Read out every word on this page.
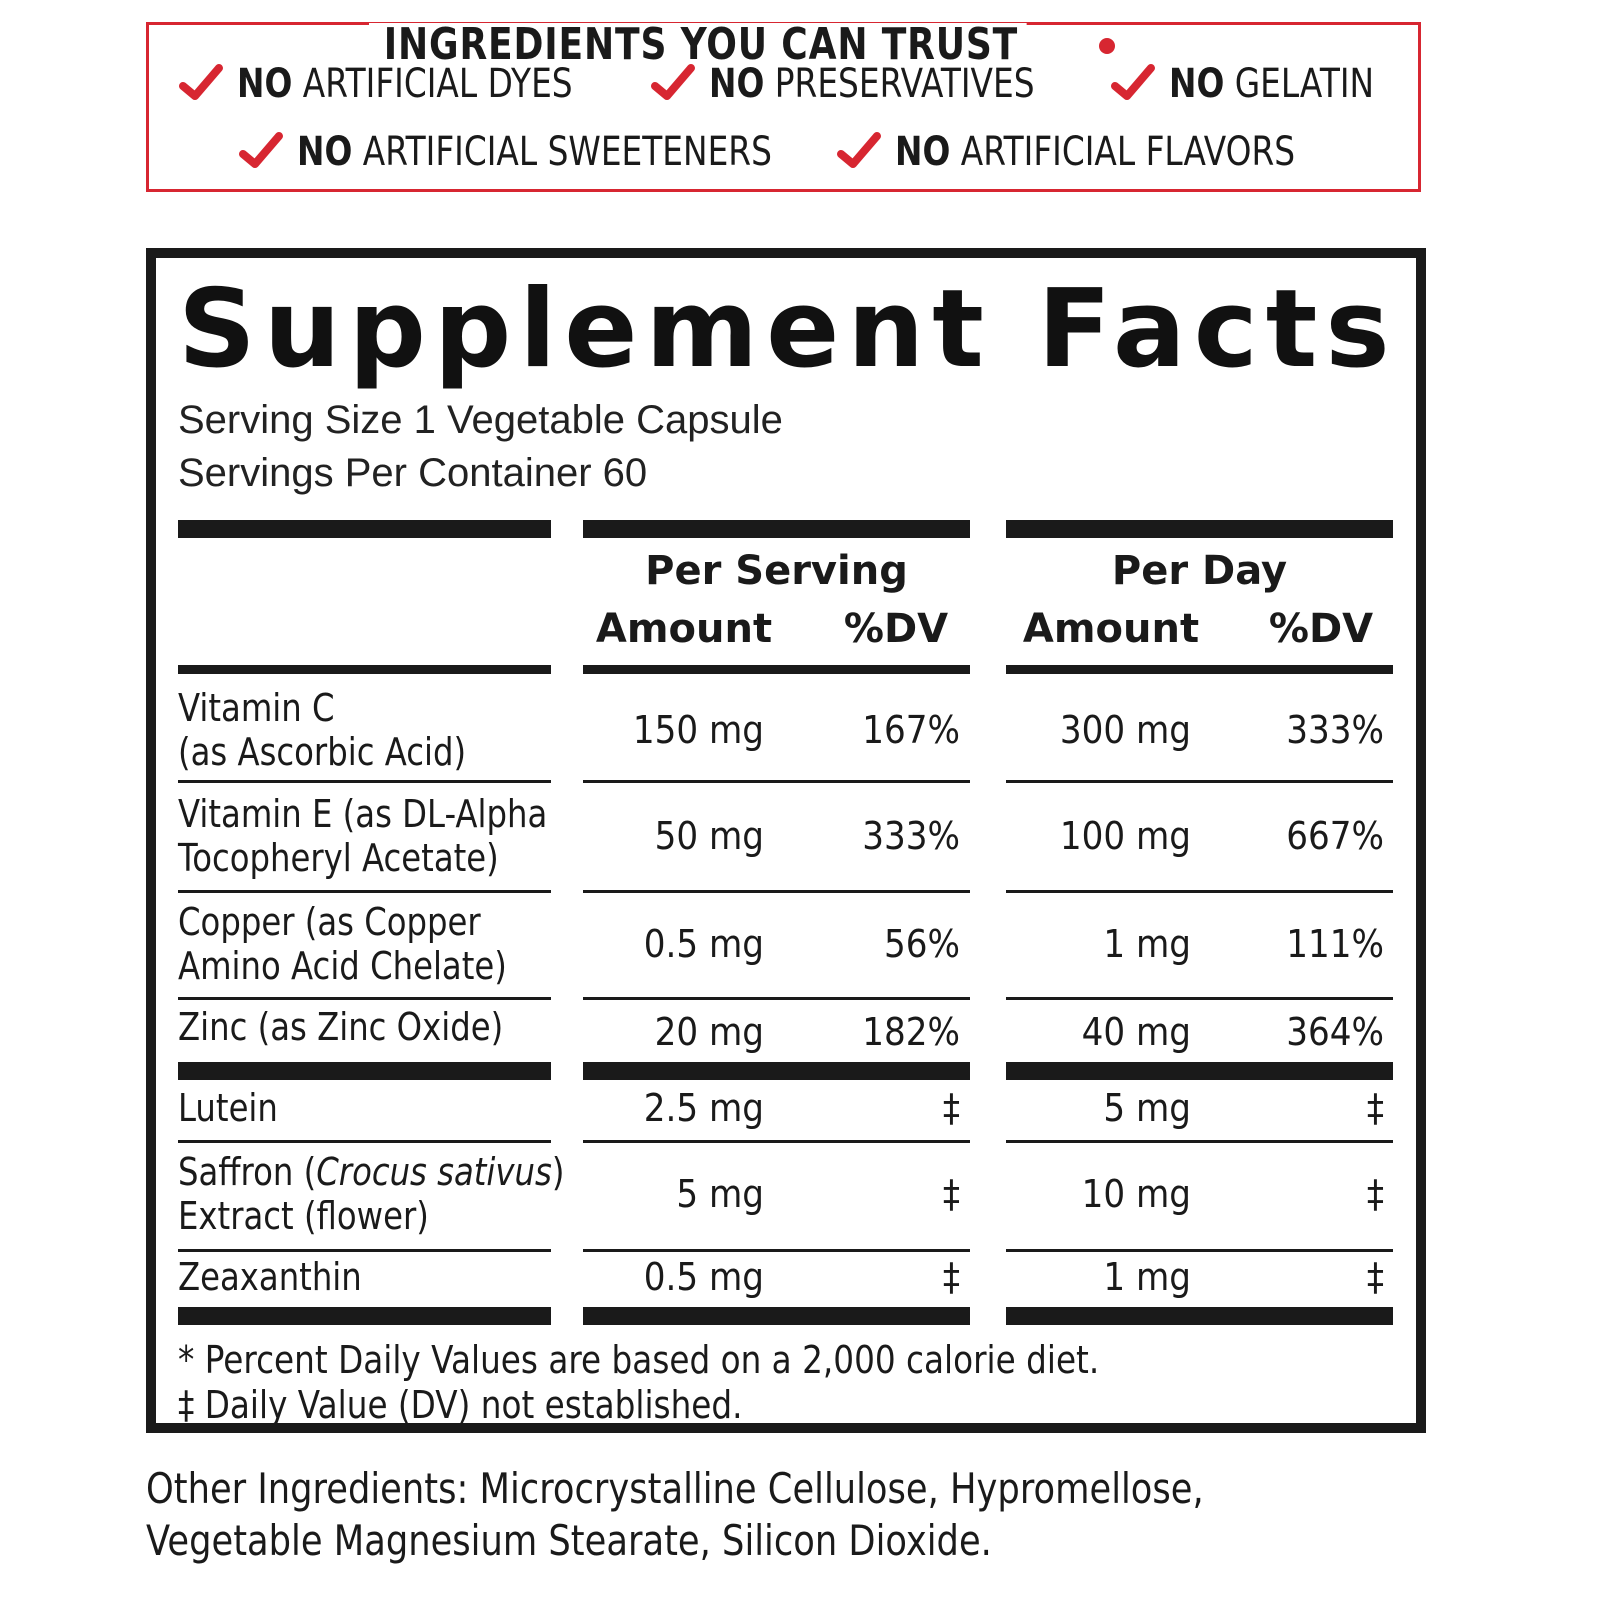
INGREDIENTS YOU CAN TRUST
NO ARTIFICIAL DYES	NO PRESERVATIVES	NO GELATIN
NO ARTIFICIAL SWEETENERS	NO ARTIFICIAL FLAVORS
Supplement Facts
Serving Size 1 Vegetable Capsule
Servings Per Container 60
Per Serving	Per Day
Amount %DV Amount %DV
Vitamin C
(as Ascorbic Acid)	150 mg	167%	300 mg	333%
Vitamin E (as DL-Alpha
Tocopheryl Acetate)	50 mg	333%	100 mg	667%
Copper (as Copper
Amino Acid Chelate)	0.5 mg	56%	1 mg	111%
Zinc (as Zinc Oxide)	20 mg	182%	40 mg	364%
Lutein	2.5 mg	‡	5 mg	‡
Saffron (Crocus sativus)
Extract (flower)	5 mg	‡	10 mg	‡
Zeaxanthin	0.5 mg	‡	1 mg	‡
* Percent Daily Values are based on a 2,000 calorie diet.
‡ Daily Value (DV) not established.
Other Ingredients: Microcrystalline Cellulose, Hypromellose,
Vegetable Magnesium Stearate, Silicon Dioxide.
